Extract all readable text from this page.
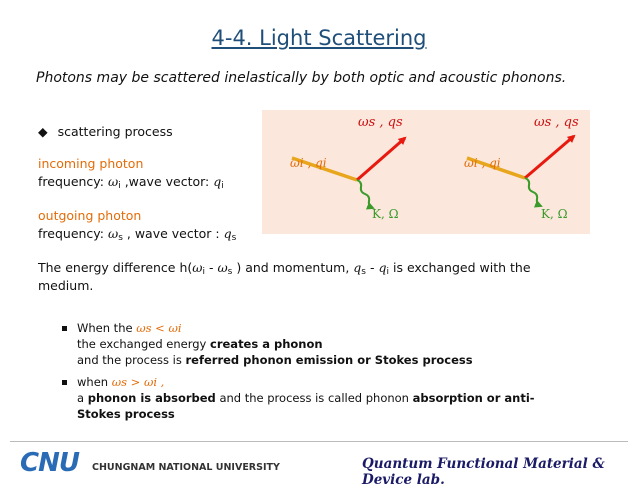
4-4. Light Scattering
Photons may be scattered inelastically by both optic and acoustic phonons.
◆ scattering process
incoming photon
frequency: $\omega_i$ ,wave vector: $q_i$
outgoing photon
frequency: $\omega_s$ , wave vector : $q_s$
ωs , qs
ωi , qi
K, Ω
ωs , qs
ωi , qi
K, Ω
The energy difference $h(\omega_i - \omega_s$ ) and momentum, $q_s - q_i$ is exchanged with the
medium.
When the ωs < ωi
the exchanged energy creates a phonon
and the process is referred phonon emission or Stokes process
when ωs > ωi ,
a phonon is absorbed and the process is called phonon absorption or anti-
Stokes process
CNU CHUNGNAM NATIONAL UNIVERSITY	Quantum Functional Material & Device lab.
